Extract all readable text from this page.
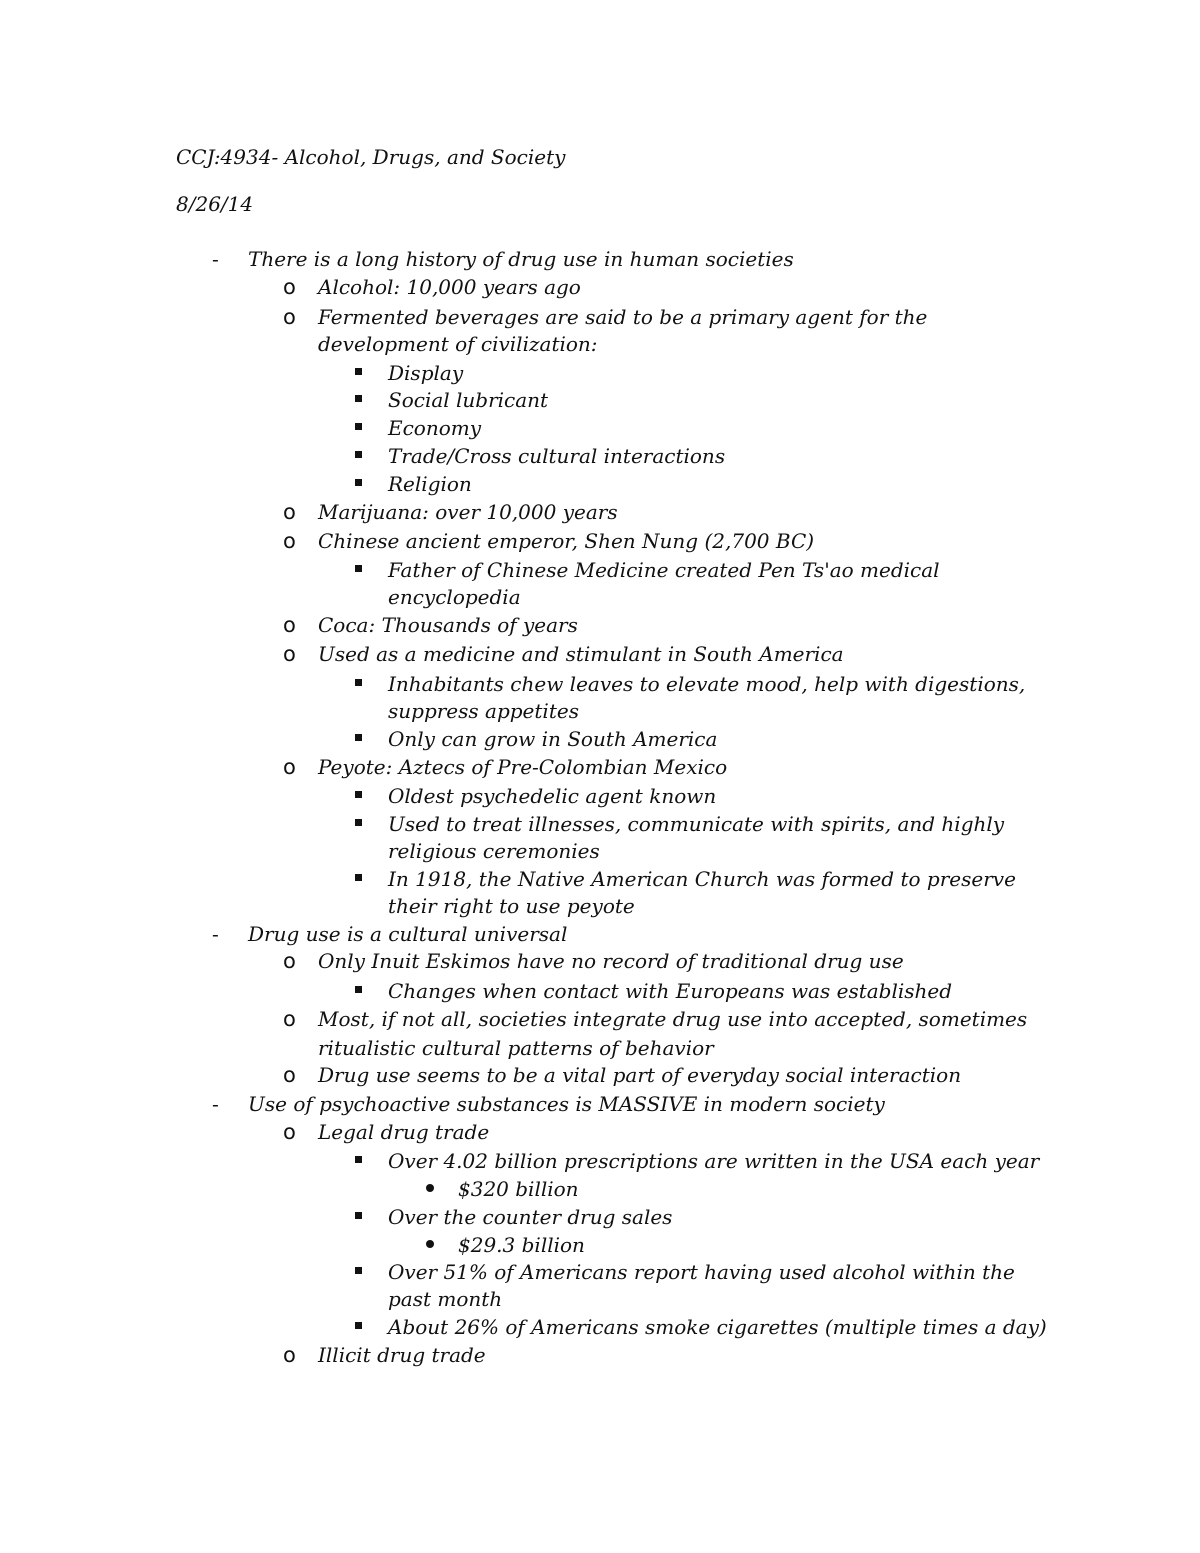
CCJ:4934- Alcohol, Drugs, and Society
8/26/14
- There is a long history of drug use in human societies
o Alcohol: 10,000 years ago
o Fermented beverages are said to be a primary agent for the
development of civilization:
Display
Social lubricant
Economy
Trade/Cross cultural interactions
Religion
o Marijuana: over 10,000 years
o Chinese ancient emperor, Shen Nung (2,700 BC)
Father of Chinese Medicine created Pen Ts'ao medical
encyclopedia
o Coca: Thousands of years
o Used as a medicine and stimulant in South America
Inhabitants chew leaves to elevate mood, help with digestions,
suppress appetites
Only can grow in South America
o Peyote: Aztecs of Pre-Colombian Mexico
Oldest psychedelic agent known
Used to treat illnesses, communicate with spirits, and highly
religious ceremonies
In 1918, the Native American Church was formed to preserve
their right to use peyote
- Drug use is a cultural universal
o Only Inuit Eskimos have no record of traditional drug use
Changes when contact with Europeans was established
o Most, if not all, societies integrate drug use into accepted, sometimes
ritualistic cultural patterns of behavior
o Drug use seems to be a vital part of everyday social interaction
- Use of psychoactive substances is MASSIVE in modern society
o Legal drug trade
Over 4.02 billion prescriptions are written in the USA each year
$320 billion
Over the counter drug sales
$29.3 billion
Over 51% of Americans report having used alcohol within the
past month
About 26% of Americans smoke cigarettes (multiple times a day)
o Illicit drug trade
